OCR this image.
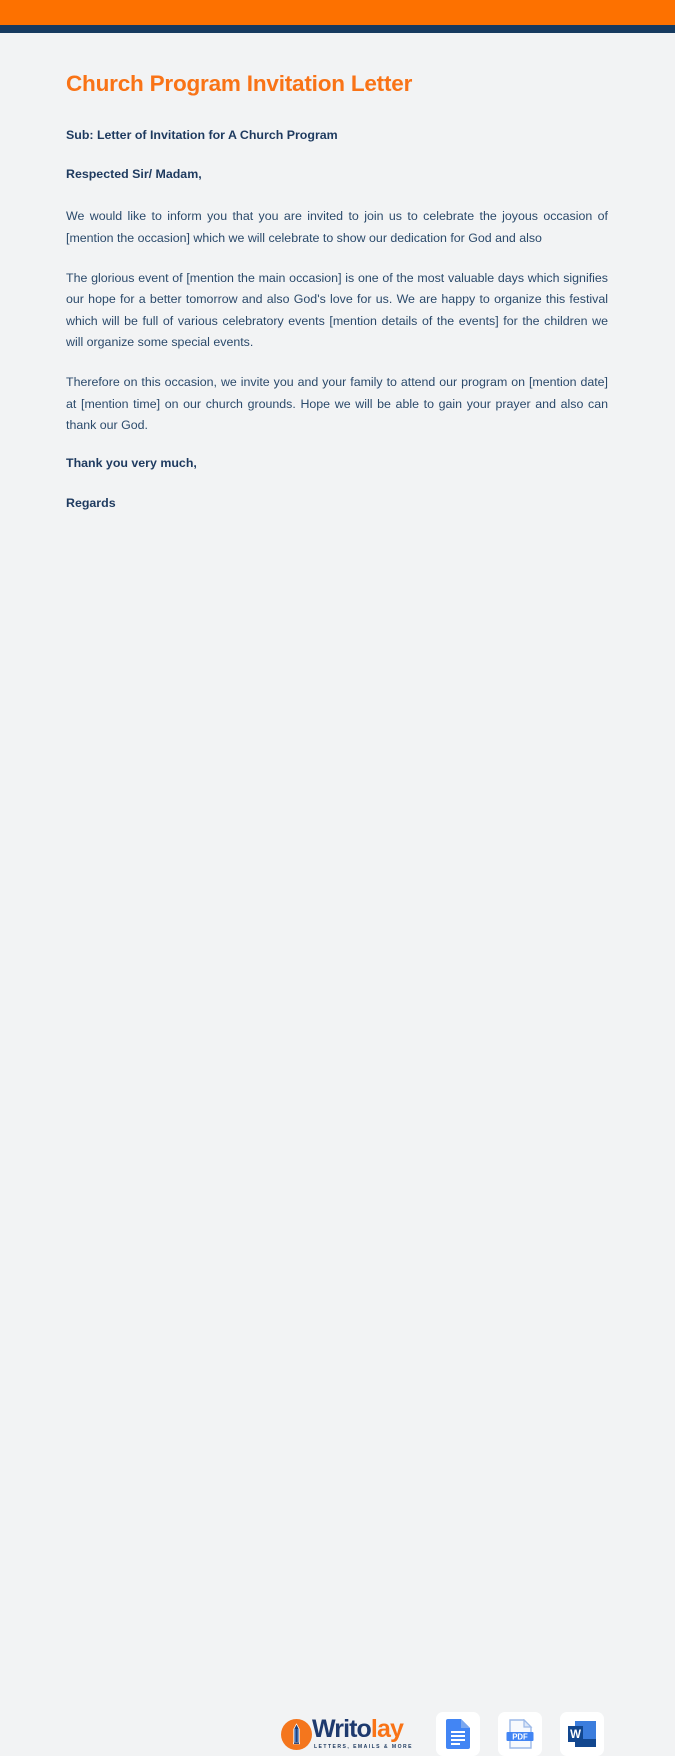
Church Program Invitation Letter

Sub: Letter of Invitation for A Church Program

Respected Sir/ Madam,

We would like to inform you that you are invited to join us to celebrate the joyous occasion of [mention the occasion] which we will celebrate to show our dedication for God and also

The glorious event of [mention the main occasion] is one of the most valuable days which signifies our hope for a better tomorrow and also God's love for us. We are happy to organize this festival which will be full of various celebratory events [mention details of the events] for the children we will organize some special events.

Therefore on this occasion, we invite you and your family to attend our program on [mention date] at [mention time] on our church grounds. Hope we will be able to gain your prayer and also can thank our God.

Thank you very much,

Regards

Writolay
LETTERS, EMAILS & MORE
PDF	W
